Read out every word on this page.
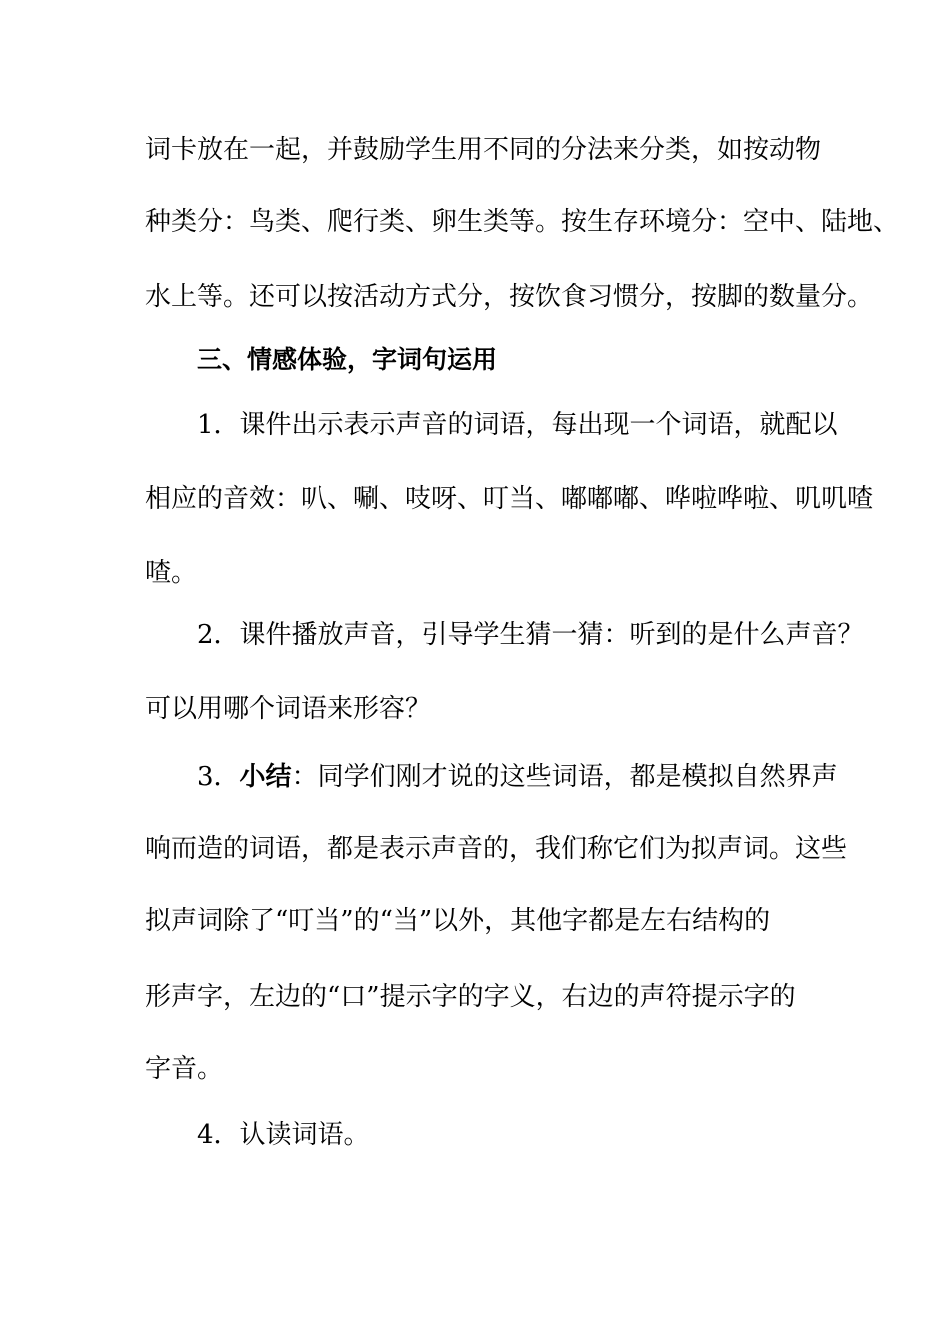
词卡放在一起，并鼓励学生用不同的分法来分类，如按动物
种类分：鸟类、爬行类、卵生类等。按生存环境分：空中、陆地、
水上等。还可以按活动方式分，按饮食习惯分，按脚的数量分。
三、情感体验，字词句运用
1．课件出示表示声音的词语，每出现一个词语，就配以
相应的音效：叭、唰、吱呀、叮当、嘟嘟嘟、哗啦哗啦、叽叽喳
喳。
2．课件播放声音，引导学生猜一猜：听到的是什么声音？
可以用哪个词语来形容？
3．小结：同学们刚才说的这些词语，都是模拟自然界声
响而造的词语，都是表示声音的，我们称它们为拟声词。这些
拟声词除了“叮当”的“当”以外，其他字都是左右结构的
形声字，左边的“口”提示字的字义，右边的声符提示字的
字音。
4．认读词语。
